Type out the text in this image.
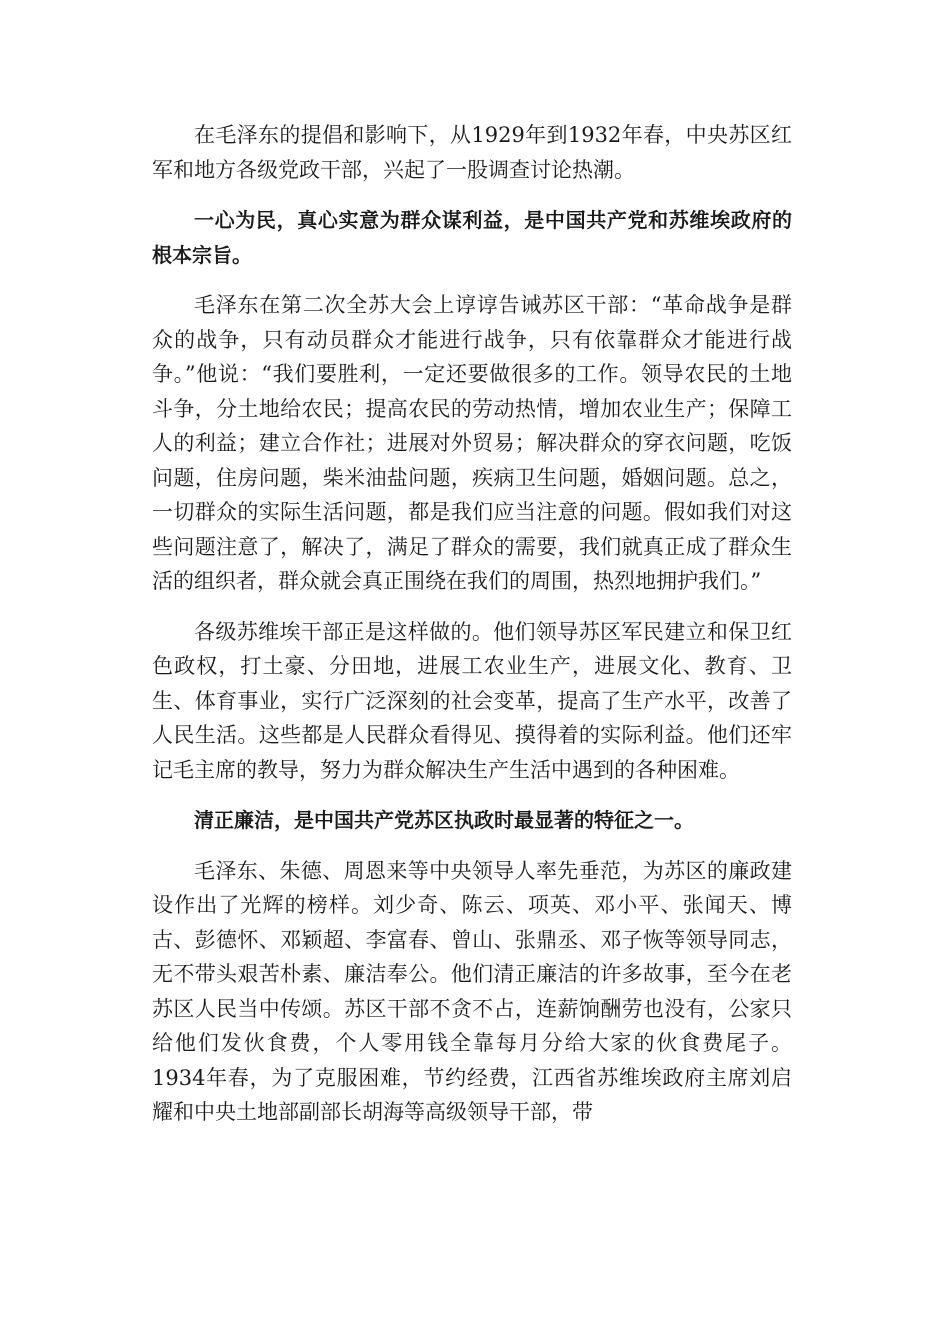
在毛泽东的提倡和影响下，从1929年到1932年春，中央苏区红军和地方各级党政干部，兴起了一股调查讨论热潮。

一心为民，真心实意为群众谋利益，是中国共产党和苏维埃政府的根本宗旨。

毛泽东在第二次全苏大会上谆谆告诫苏区干部：“革命战争是群众的战争，只有动员群众才能进行战争，只有依靠群众才能进行战争。”他说：“我们要胜利，一定还要做很多的工作。领导农民的土地斗争，分土地给农民；提高农民的劳动热情，增加农业生产；保障工人的利益；建立合作社；进展对外贸易；解决群众的穿衣问题，吃饭问题，住房问题，柴米油盐问题，疾病卫生问题，婚姻问题。总之，一切群众的实际生活问题，都是我们应当注意的问题。假如我们对这些问题注意了，解决了，满足了群众的需要，我们就真正成了群众生活的组织者，群众就会真正围绕在我们的周围，热烈地拥护我们。”

各级苏维埃干部正是这样做的。他们领导苏区军民建立和保卫红色政权，打土豪、分田地，进展工农业生产，进展文化、教育、卫生、体育事业，实行广泛深刻的社会变革，提高了生产水平，改善了人民生活。这些都是人民群众看得见、摸得着的实际利益。他们还牢记毛主席的教导，努力为群众解决生产生活中遇到的各种困难。

清正廉洁，是中国共产党苏区执政时最显著的特征之一。

毛泽东、朱德、周恩来等中央领导人率先垂范，为苏区的廉政建设作出了光辉的榜样。刘少奇、陈云、项英、邓小平、张闻天、博古、彭德怀、邓颖超、李富春、曾山、张鼎丞、邓子恢等领导同志，无不带头艰苦朴素、廉洁奉公。他们清正廉洁的许多故事，至今在老苏区人民当中传颂。苏区干部不贪不占，连薪饷酬劳也没有，公家只给他们发伙食费，个人零用钱全靠每月分给大家的伙食费尾子。1934年春，为了克服困难，节约经费，江西省苏维埃政府主席刘启耀和中央土地部副部长胡海等高级领导干部，带
